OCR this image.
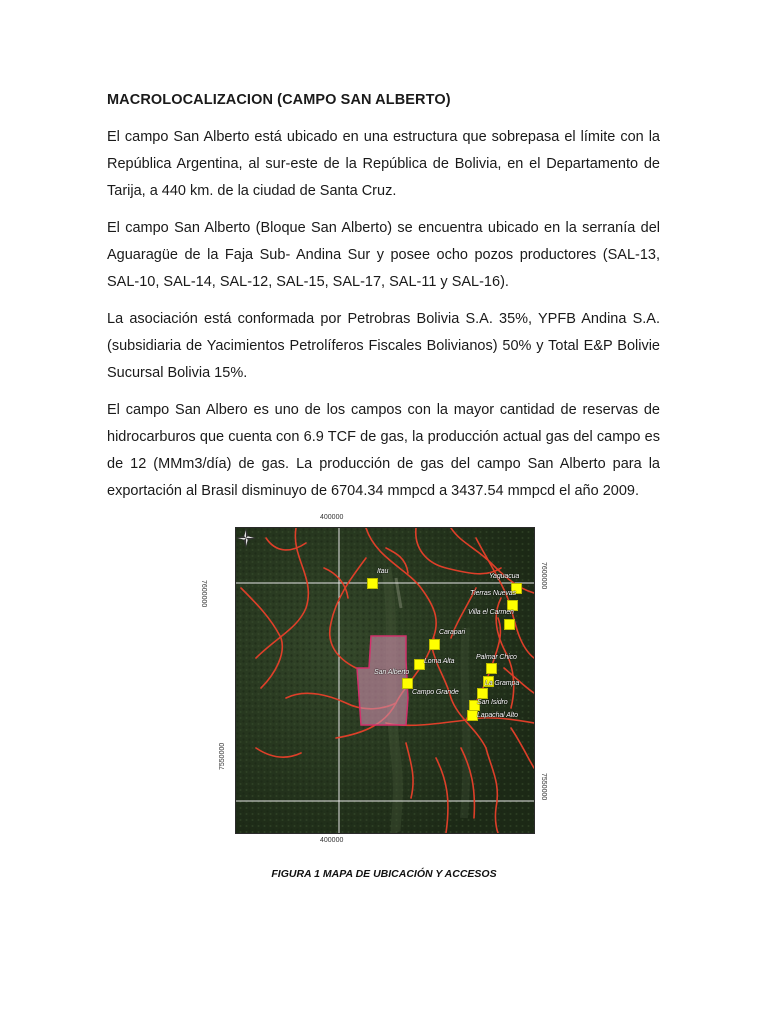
MACROLOCALIZACION (CAMPO SAN ALBERTO)

El campo San Alberto está ubicado en una estructura que sobrepasa el límite con la República Argentina, al sur-este de la República de Bolivia, en el Departamento de Tarija, a 440 km. de la ciudad de Santa Cruz.

El campo San Alberto (Bloque San Alberto) se encuentra ubicado en la serranía del Aguaragüe de la Faja Sub- Andina Sur y posee ocho pozos productores (SAL-13, SAL-10, SAL-14, SAL-12, SAL-15, SAL-17, SAL-11 y SAL-16).

La asociación está conformada por Petrobras Bolivia S.A. 35%, YPFB Andina S.A. (subsidiaria de Yacimientos Petrolíferos Fiscales Bolivianos) 50% y Total E&P Bolivie Sucursal Bolivia 15%.

El campo San Albero es uno de los campos con la mayor cantidad de reservas de hidrocarburos que cuenta con 6.9 TCF de gas, la producción actual gas del campo es de 12 (MMm3/día) de gas. La producción de gas del campo San Alberto para la exportación al Brasil disminuyo de 6704.34 mmpcd a 3437.54 mmpcd el año 2009.

400000
400000
7600000
7600000
7550000
7550000
Itau
Yaguacua
Tierras Nuevas
Villa el Carmen
Carapari
Palmar Chico
Loma Alta
San Alberto
La Grampa
Campo Grande
San Isidro
Lapachal Alto
FIGURA 1 MAPA DE UBICACIÓN Y ACCESOS
